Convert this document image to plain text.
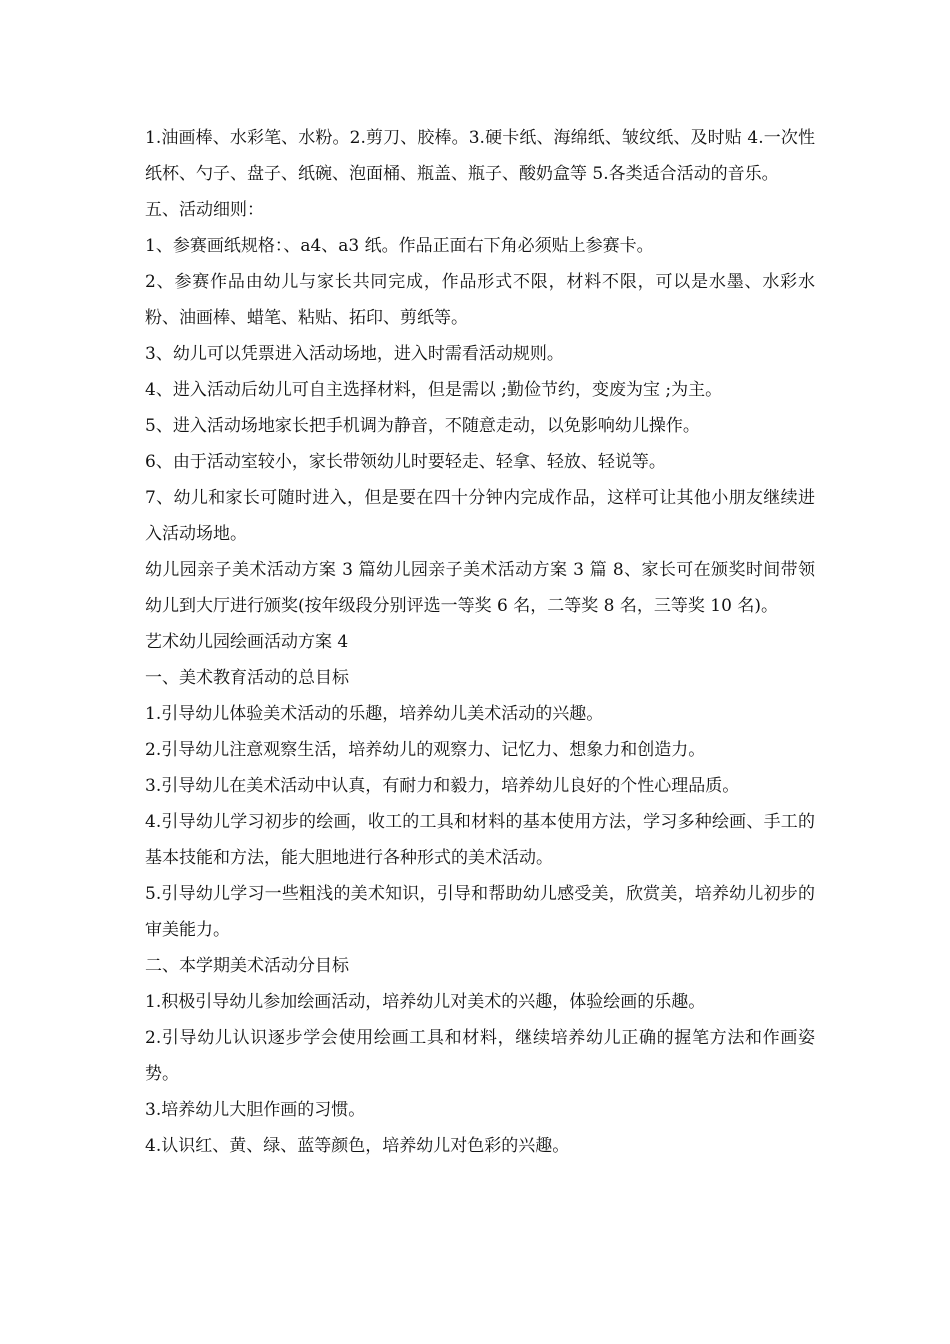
1.油画棒、水彩笔、水粉。2.剪刀、胶棒。3.硬卡纸、海绵纸、皱纹纸、及时贴 4.一次性纸杯、勺子、盘子、纸碗、泡面桶、瓶盖、瓶子、酸奶盒等 5.各类适合活动的音乐。

五、活动细则：

1、参赛画纸规格：、a4、a3 纸。作品正面右下角必须贴上参赛卡。

2、参赛作品由幼儿与家长共同完成，作品形式不限，材料不限，可以是水墨、水彩水粉、油画棒、蜡笔、粘贴、拓印、剪纸等。

3、幼儿可以凭票进入活动场地，进入时需看活动规则。

4、进入活动后幼儿可自主选择材料，但是需以 ;勤俭节约，变废为宝 ;为主。

5、进入活动场地家长把手机调为静音，不随意走动，以免影响幼儿操作。

6、由于活动室较小，家长带领幼儿时要轻走、轻拿、轻放、轻说等。

7、幼儿和家长可随时进入，但是要在四十分钟内完成作品，这样可让其他小朋友继续进入活动场地。

幼儿园亲子美术活动方案 3 篇幼儿园亲子美术活动方案 3 篇 8、家长可在颁奖时间带领幼儿到大厅进行颁奖(按年级段分别评选一等奖 6 名，二等奖 8 名，三等奖 10 名)。

艺术幼儿园绘画活动方案 4

一、美术教育活动的总目标

1.引导幼儿体验美术活动的乐趣，培养幼儿美术活动的兴趣。

2.引导幼儿注意观察生活，培养幼儿的观察力、记忆力、想象力和创造力。

3.引导幼儿在美术活动中认真，有耐力和毅力，培养幼儿良好的个性心理品质。

4.引导幼儿学习初步的绘画，收工的工具和材料的基本使用方法，学习多种绘画、手工的基本技能和方法，能大胆地进行各种形式的美术活动。

5.引导幼儿学习一些粗浅的美术知识，引导和帮助幼儿感受美，欣赏美，培养幼儿初步的审美能力。

二、本学期美术活动分目标

1.积极引导幼儿参加绘画活动，培养幼儿对美术的兴趣，体验绘画的乐趣。

2.引导幼儿认识逐步学会使用绘画工具和材料，继续培养幼儿正确的握笔方法和作画姿势。

3.培养幼儿大胆作画的习惯。

4.认识红、黄、绿、蓝等颜色，培养幼儿对色彩的兴趣。
